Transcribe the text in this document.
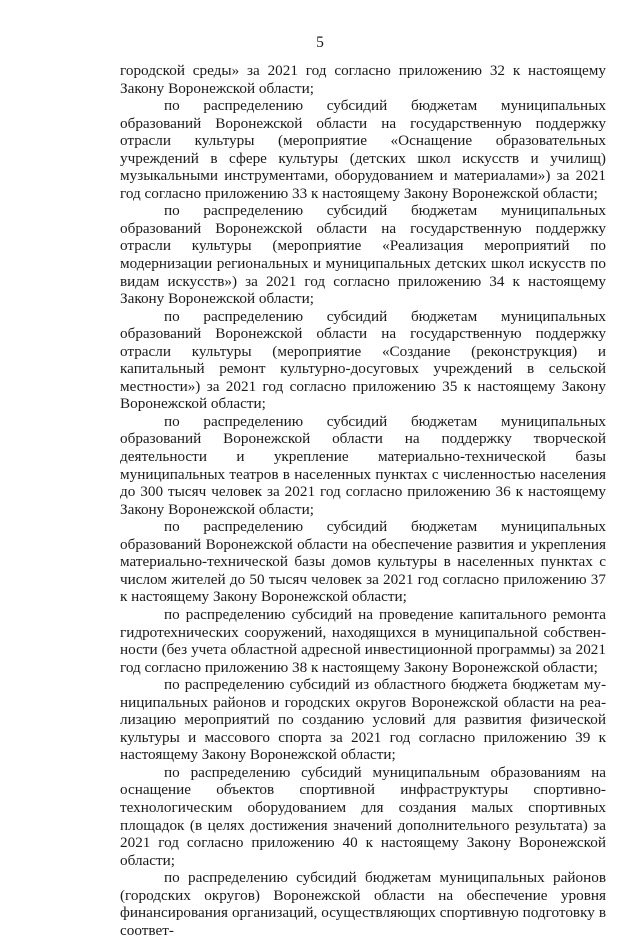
5

городской среды» за 2021 год согласно приложению 32 к настоящему Закону Воронежской области;

по распределению субсидий бюджетам муниципальных образований Воронежской области на государственную поддержку отрасли культуры (мероприятие «Оснащение образовательных учреждений в сфере культуры (детских школ искусств и училищ) музыкальными инструментами, оборудованием и материалами») за 2021 год согласно приложению 33 к настоящему Закону Воронежской области;

по распределению субсидий бюджетам муниципальных образований Воронежской области на государственную поддержку отрасли культуры (мероприятие «Реализация мероприятий по модернизации региональных и муниципальных детских школ искусств по видам искусств») за 2021 год согласно приложению 34 к настоящему Закону Воронежской области;

по распределению субсидий бюджетам муниципальных образований Воронежской области на государственную поддержку отрасли культуры (мероприятие «Создание (реконструкция) и капитальный ремонт культурно-досуговых учреждений в сельской местности») за 2021 год согласно приложению 35 к настоящему Закону Воронежской области;

по распределению субсидий бюджетам муниципальных образований Воронежской области на поддержку творческой деятельности и укрепление материально-технической базы муниципальных театров в населенных пунктах с численностью населения до 300 тысяч человек за 2021 год согласно приложению 36 к настоящему Закону Воронежской области;

по распределению субсидий бюджетам муниципальных образований Воронежской области на обеспечение развития и укрепления материально-технической базы домов культуры в населенных пунктах с числом жителей до 50 тысяч человек за 2021 год согласно приложению 37 к настоящему Закону Воронежской области;

по распределению субсидий на проведение капитального ремонта гидротехнических сооружений, находящихся в муниципальной собственности (без учета областной адресной инвестиционной программы) за 2021 год согласно приложению 38 к настоящему Закону Воронежской области;

по распределению субсидий из областного бюджета бюджетам муниципальных районов и городских округов Воронежской области на реализацию мероприятий по созданию условий для развития физической культуры и массового спорта за 2021 год согласно приложению 39 к настоящему Закону Воронежской области;

по распределению субсидий муниципальным образованиям на оснащение объектов спортивной инфраструктуры спортивно-технологическим оборудованием для создания малых спортивных площадок (в целях достижения значений дополнительного результата) за 2021 год согласно приложению 40 к настоящему Закону Воронежской области;

по распределению субсидий бюджетам муниципальных районов (городских округов) Воронежской области на обеспечение уровня финансирования организаций, осуществляющих спортивную подготовку в соответ-
